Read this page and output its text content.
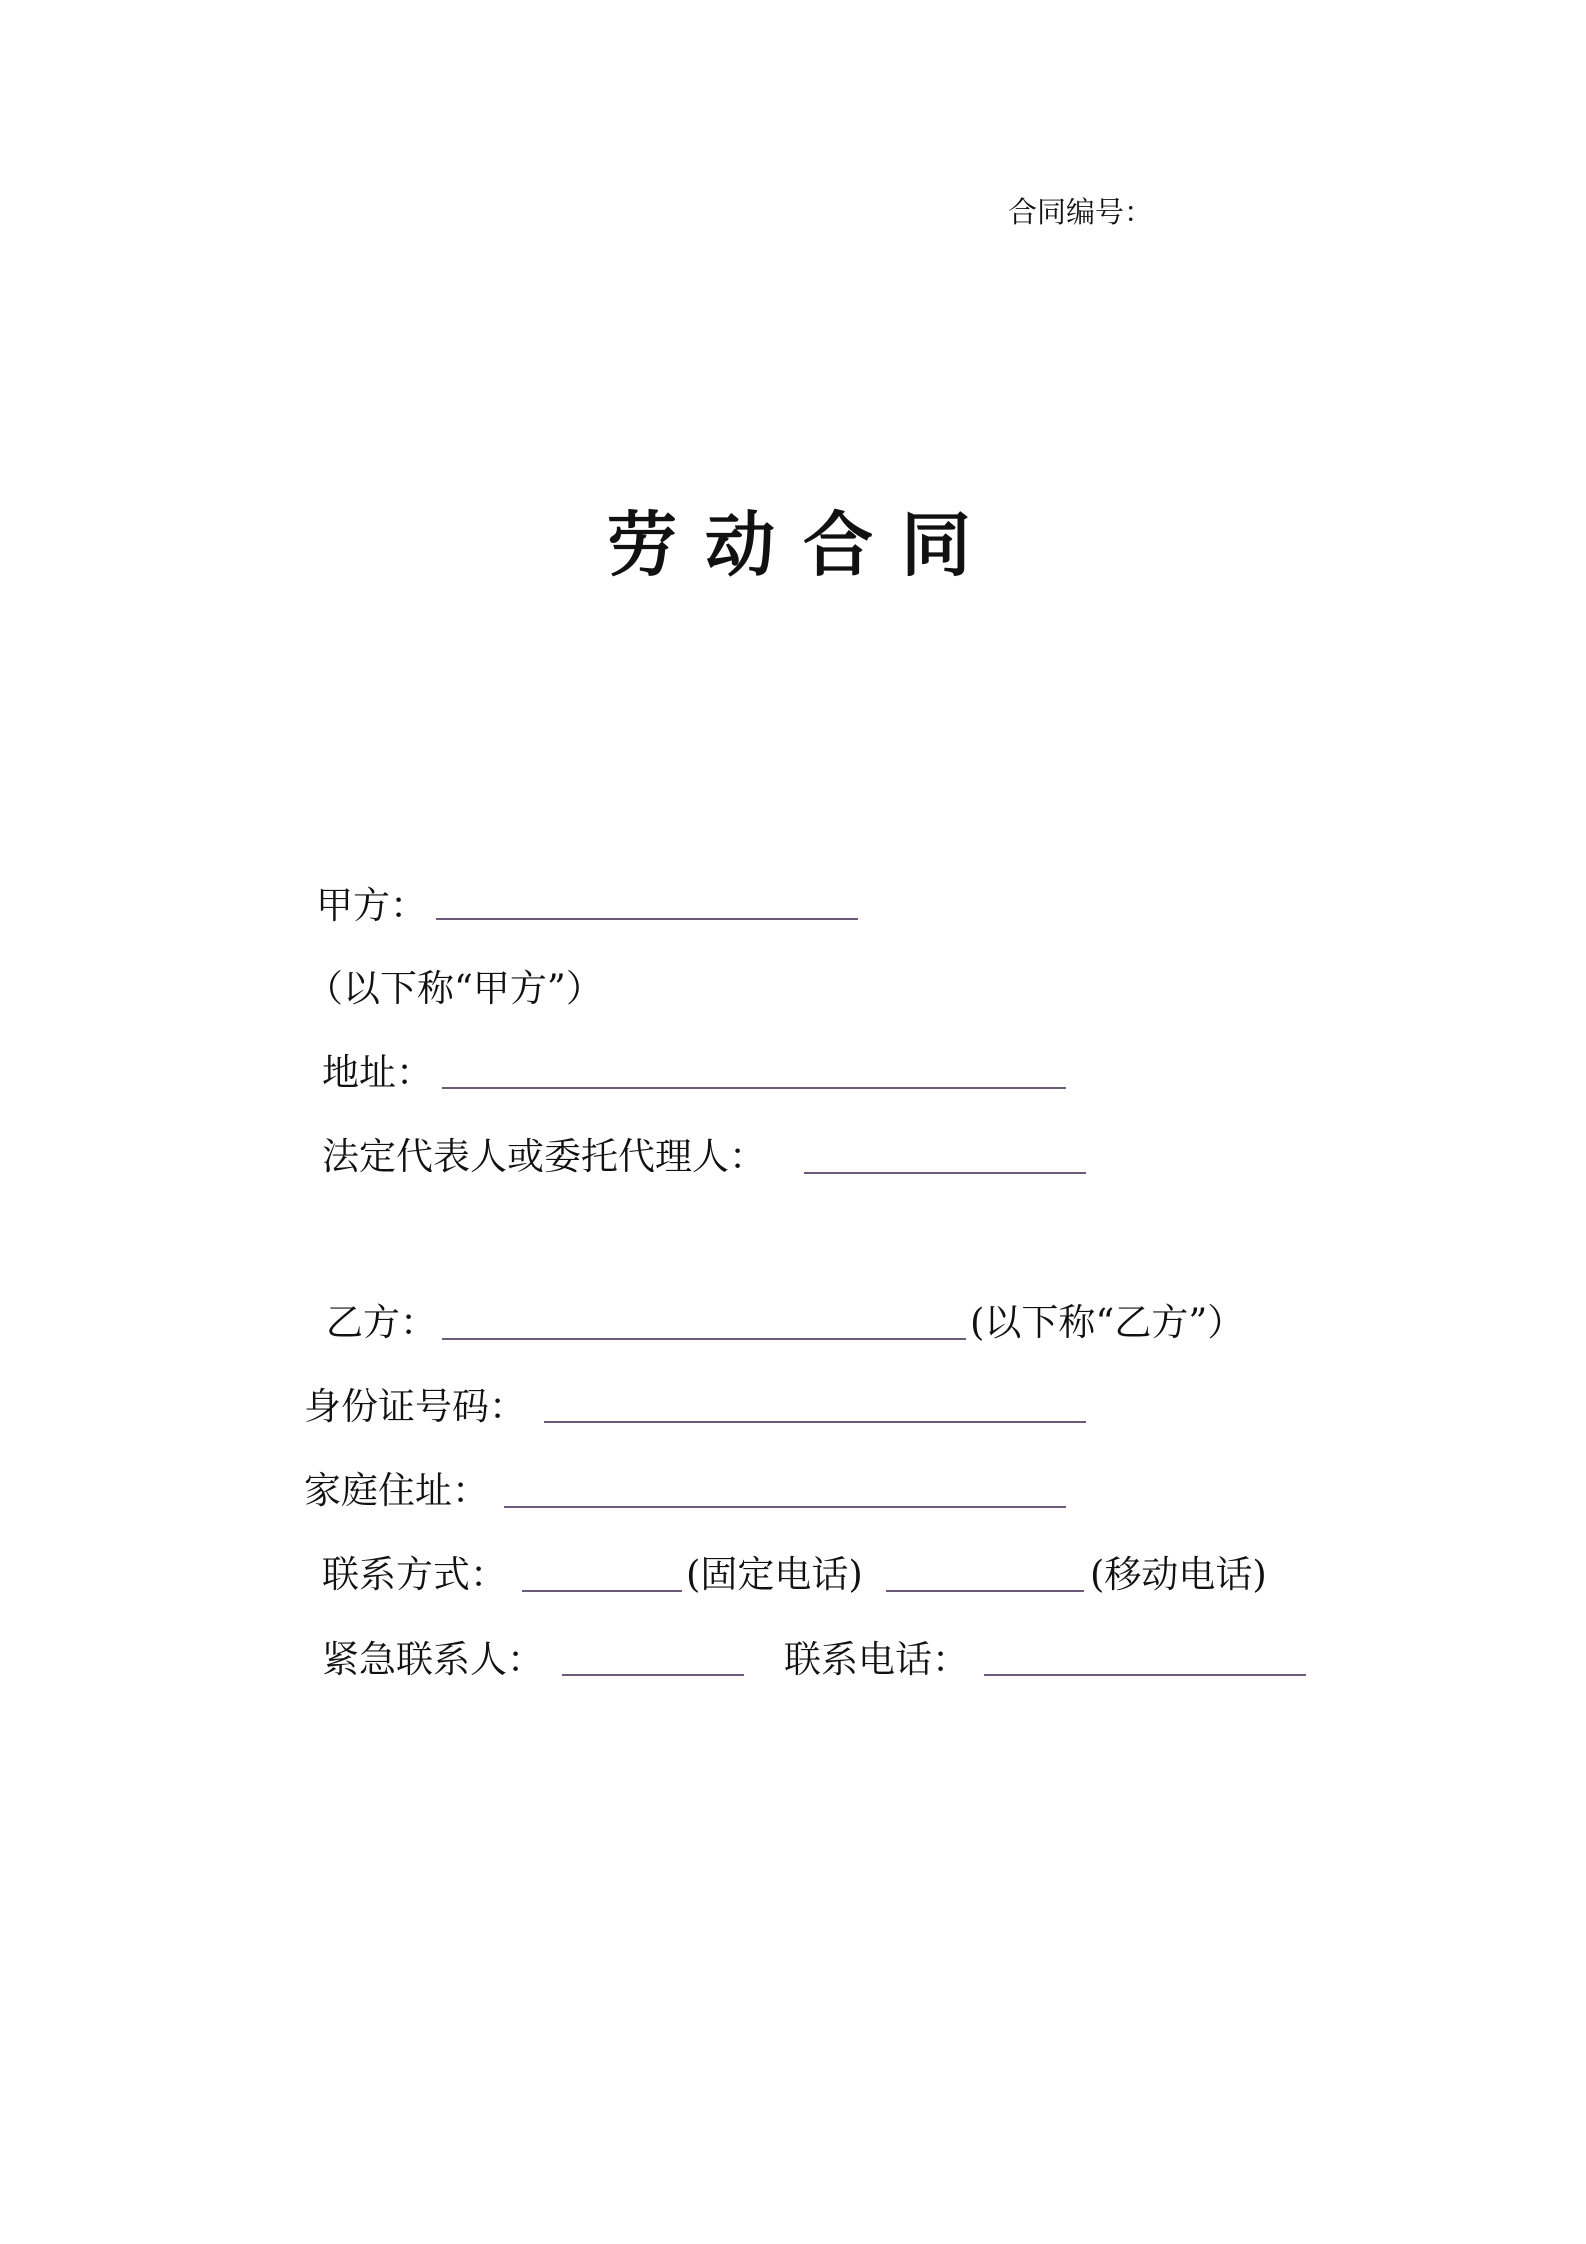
合同编号：
劳动合同
甲方：
（以下称“甲方”）
地址：
法定代表人或委托代理人：
乙方：	(以下称“乙方”）
身份证号码：
家庭住址：
联系方式：	(固定电话)	(移动电话)
紧急联系人：	联系电话：
